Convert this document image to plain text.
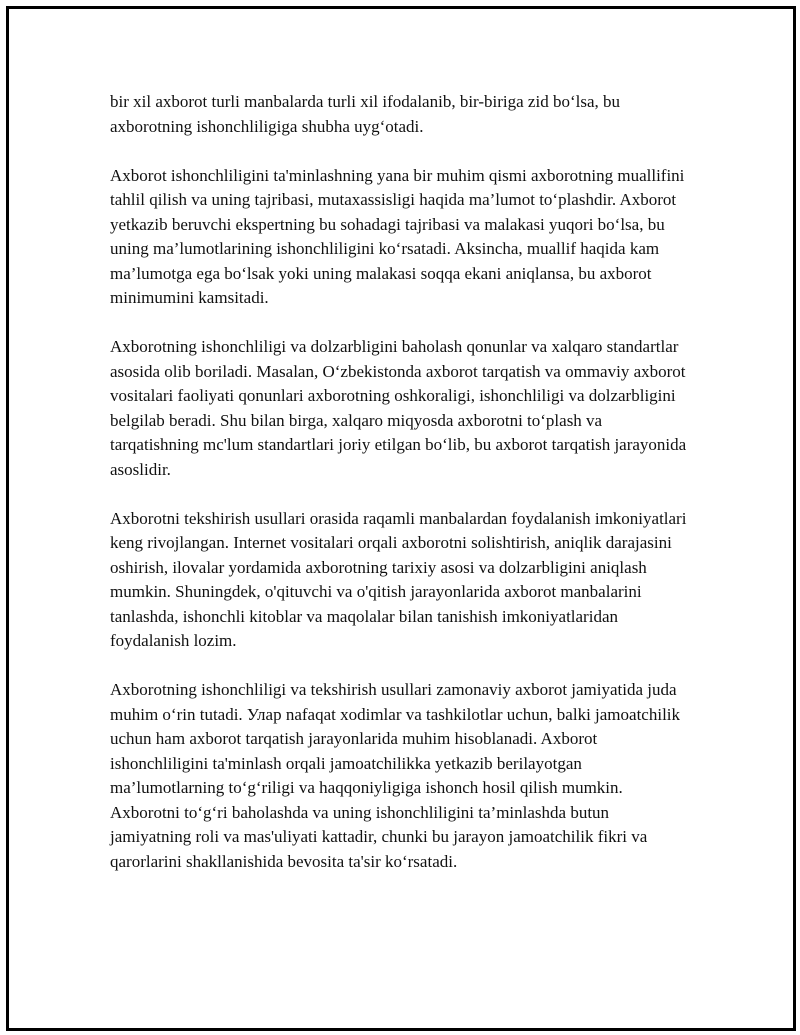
bir xil axborot turli manbalarda turli xil ifodalanib, bir-biriga zid bo‘lsa, bu axborotning ishonchliligiga shubha uyg‘otadi.

Axborot ishonchliligini ta'minlashning yana bir muhim qismi axborotning muallifini tahlil qilish va uning tajribasi, mutaxassisligi haqida ma’lumot to‘plashdir. Axborot yetkazib beruvchi ekspertning bu sohadagi tajribasi va malakasi yuqori bo‘lsa, bu uning ma’lumotlarining ishonchliligini ko‘rsatadi. Aksincha, muallif haqida kam ma’lumotga ega bo‘lsak yoki uning malakasi soqqa ekani aniqlansa, bu axborot minimumini kamsitadi.

Axborotning ishonchliligi va dolzarbligini baholash qonunlar va xalqaro standartlar asosida olib boriladi. Masalan, O‘zbekistonda axborot tarqatish va ommaviy axborot vositalari faoliyati qonunlari axborotning oshkoraligi, ishonchliligi va dolzarbligini belgilab beradi. Shu bilan birga, xalqaro miqyosda axborotni to‘plash va tarqatishning mc'lum standartlari joriy etilgan bo‘lib, bu axborot tarqatish jarayonida asoslidir.

Axborotni tekshirish usullari orasida raqamli manbalardan foydalanish imkoniyatlari keng rivojlangan. Internet vositalari orqali axborotni solishtirish, aniqlik darajasini oshirish, ilovalar yordamida axborotning tarixiy asosi va dolzarbligini aniqlash mumkin. Shuningdek, o'qituvchi va o'qitish jarayonlarida axborot manbalarini tanlashda, ishonchli kitoblar va maqolalar bilan tanishish imkoniyatlaridan foydalanish lozim.

Axborotning ishonchliligi va tekshirish usullari zamonaviy axborot jamiyatida juda muhim o‘rin tutadi. Улар nafaqat xodimlar va tashkilotlar uchun, balki jamoatchilik uchun ham axborot tarqatish jarayonlarida muhim hisoblanadi. Axborot ishonchliligini ta'minlash orqali jamoatchilikka yetkazib berilayotgan ma’lumotlarning to‘g‘riligi va haqqoniyligiga ishonch hosil qilish mumkin. Axborotni to‘g‘ri baholashda va uning ishonchliligini ta’minlashda butun jamiyatning roli va mas'uliyati kattadir, chunki bu jarayon jamoatchilik fikri va qarorlarini shakllanishida bevosita ta'sir ko‘rsatadi.
